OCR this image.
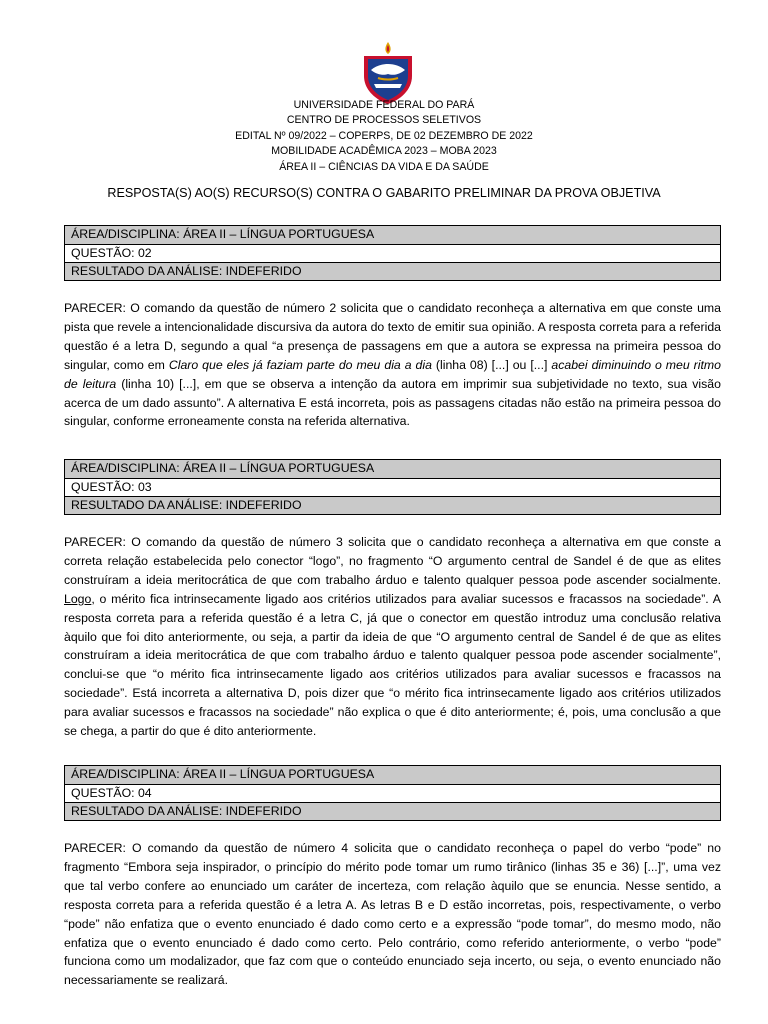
UNIVERSIDADE FEDERAL DO PARÁ
CENTRO DE PROCESSOS SELETIVOS
EDITAL Nº 09/2022 – COPERPS, DE 02 DEZEMBRO DE 2022
MOBILIDADE ACADÊMICA 2023 – MOBA 2023
ÁREA II – CIÊNCIAS DA VIDA E DA SAÚDE
RESPOSTA(S) AO(S) RECURSO(S) CONTRA O GABARITO PRELIMINAR DA PROVA OBJETIVA
ÁREA/DISCIPLINA: ÁREA II – LÍNGUA PORTUGUESA
QUESTÃO: 02
RESULTADO DA ANÁLISE: INDEFERIDO

PARECER: O comando da questão de número 2 solicita que o candidato reconheça a alternativa em que conste uma pista que revele a intencionalidade discursiva da autora do texto de emitir sua opinião. A resposta correta para a referida questão é a letra D, segundo a qual “a presença de passagens em que a autora se expressa na primeira pessoa do singular, como em Claro que eles já faziam parte do meu dia a dia (linha 08) [...] ou [...] acabei diminuindo o meu ritmo de leitura (linha 10) [...], em que se observa a intenção da autora em imprimir sua subjetividade no texto, sua visão acerca de um dado assunto”. A alternativa E está incorreta, pois as passagens citadas não estão na primeira pessoa do singular, conforme erroneamente consta na referida alternativa.

ÁREA/DISCIPLINA: ÁREA II – LÍNGUA PORTUGUESA
QUESTÃO: 03
RESULTADO DA ANÁLISE: INDEFERIDO

PARECER: O comando da questão de número 3 solicita que o candidato reconheça a alternativa em que conste a correta relação estabelecida pelo conector “logo”, no fragmento “O argumento central de Sandel é de que as elites construíram a ideia meritocrática de que com trabalho árduo e talento qualquer pessoa pode ascender socialmente. Logo, o mérito fica intrinsecamente ligado aos critérios utilizados para avaliar sucessos e fracassos na sociedade”. A resposta correta para a referida questão é a letra C, já que o conector em questão introduz uma conclusão relativa àquilo que foi dito anteriormente, ou seja, a partir da ideia de que “O argumento central de Sandel é de que as elites construíram a ideia meritocrática de que com trabalho árduo e talento qualquer pessoa pode ascender socialmente”, conclui-se que “o mérito fica intrinsecamente ligado aos critérios utilizados para avaliar sucessos e fracassos na sociedade”. Está incorreta a alternativa D, pois dizer que “o mérito fica intrinsecamente ligado aos critérios utilizados para avaliar sucessos e fracassos na sociedade” não explica o que é dito anteriormente; é, pois, uma conclusão a que se chega, a partir do que é dito anteriormente.

ÁREA/DISCIPLINA: ÁREA II – LÍNGUA PORTUGUESA
QUESTÃO: 04
RESULTADO DA ANÁLISE: INDEFERIDO

PARECER: O comando da questão de número 4 solicita que o candidato reconheça o papel do verbo “pode” no fragmento “Embora seja inspirador, o princípio do mérito pode tomar um rumo tirânico (linhas 35 e 36) [...]”, uma vez que tal verbo confere ao enunciado um caráter de incerteza, com relação àquilo que se enuncia. Nesse sentido, a resposta correta para a referida questão é a letra A. As letras B e D estão incorretas, pois, respectivamente, o verbo “pode” não enfatiza que o evento enunciado é dado como certo e a expressão “pode tomar”, do mesmo modo, não enfatiza que o evento enunciado é dado como certo. Pelo contrário, como referido anteriormente, o verbo “pode” funciona como um modalizador, que faz com que o conteúdo enunciado seja incerto, ou seja, o evento enunciado não necessariamente se realizará.
